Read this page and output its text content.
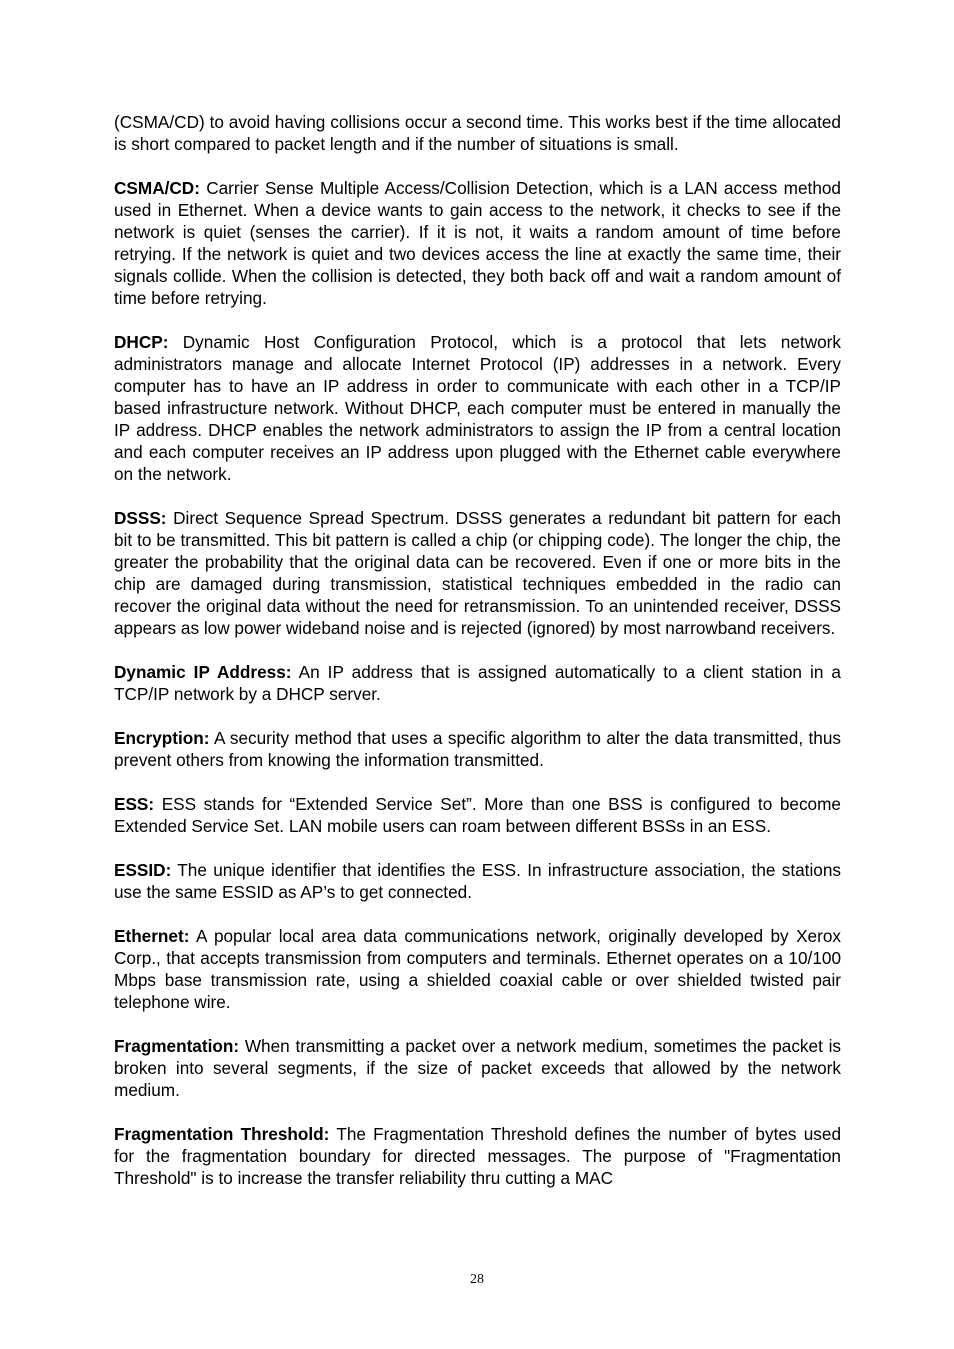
(CSMA/CD) to avoid having collisions occur a second time. This works best if the time allocated is short compared to packet length and if the number of situations is small.

CSMA/CD: Carrier Sense Multiple Access/Collision Detection, which is a LAN access method used in Ethernet. When a device wants to gain access to the network, it checks to see if the network is quiet (senses the carrier). If it is not, it waits a random amount of time before retrying. If the network is quiet and two devices access the line at exactly the same time, their signals collide. When the collision is detected, they both back off and wait a random amount of time before retrying.

DHCP: Dynamic Host Configuration Protocol, which is a protocol that lets network administrators manage and allocate Internet Protocol (IP) addresses in a network. Every computer has to have an IP address in order to communicate with each other in a TCP/IP based infrastructure network. Without DHCP, each computer must be entered in manually the IP address. DHCP enables the network administrators to assign the IP from a central location and each computer receives an IP address upon plugged with the Ethernet cable everywhere on the network.

DSSS: Direct Sequence Spread Spectrum. DSSS generates a redundant bit pattern for each bit to be transmitted. This bit pattern is called a chip (or chipping code). The longer the chip, the greater the probability that the original data can be recovered. Even if one or more bits in the chip are damaged during transmission, statistical techniques embedded in the radio can recover the original data without the need for retransmission. To an unintended receiver, DSSS appears as low power wideband noise and is rejected (ignored) by most narrowband receivers.

Dynamic IP Address: An IP address that is assigned automatically to a client station in a TCP/IP network by a DHCP server.

Encryption: A security method that uses a specific algorithm to alter the data transmitted, thus prevent others from knowing the information transmitted.

ESS: ESS stands for “Extended Service Set”. More than one BSS is configured to become Extended Service Set. LAN mobile users can roam between different BSSs in an ESS.

ESSID: The unique identifier that identifies the ESS. In infrastructure association, the stations use the same ESSID as AP’s to get connected.

Ethernet: A popular local area data communications network, originally developed by Xerox Corp., that accepts transmission from computers and terminals. Ethernet operates on a 10/100 Mbps base transmission rate, using a shielded coaxial cable or over shielded twisted pair telephone wire.

Fragmentation: When transmitting a packet over a network medium, sometimes the packet is broken into several segments, if the size of packet exceeds that allowed by the network medium.

Fragmentation Threshold: The Fragmentation Threshold defines the number of bytes used for the fragmentation boundary for directed messages. The purpose of "Fragmentation Threshold" is to increase the transfer reliability thru cutting a MAC

28
